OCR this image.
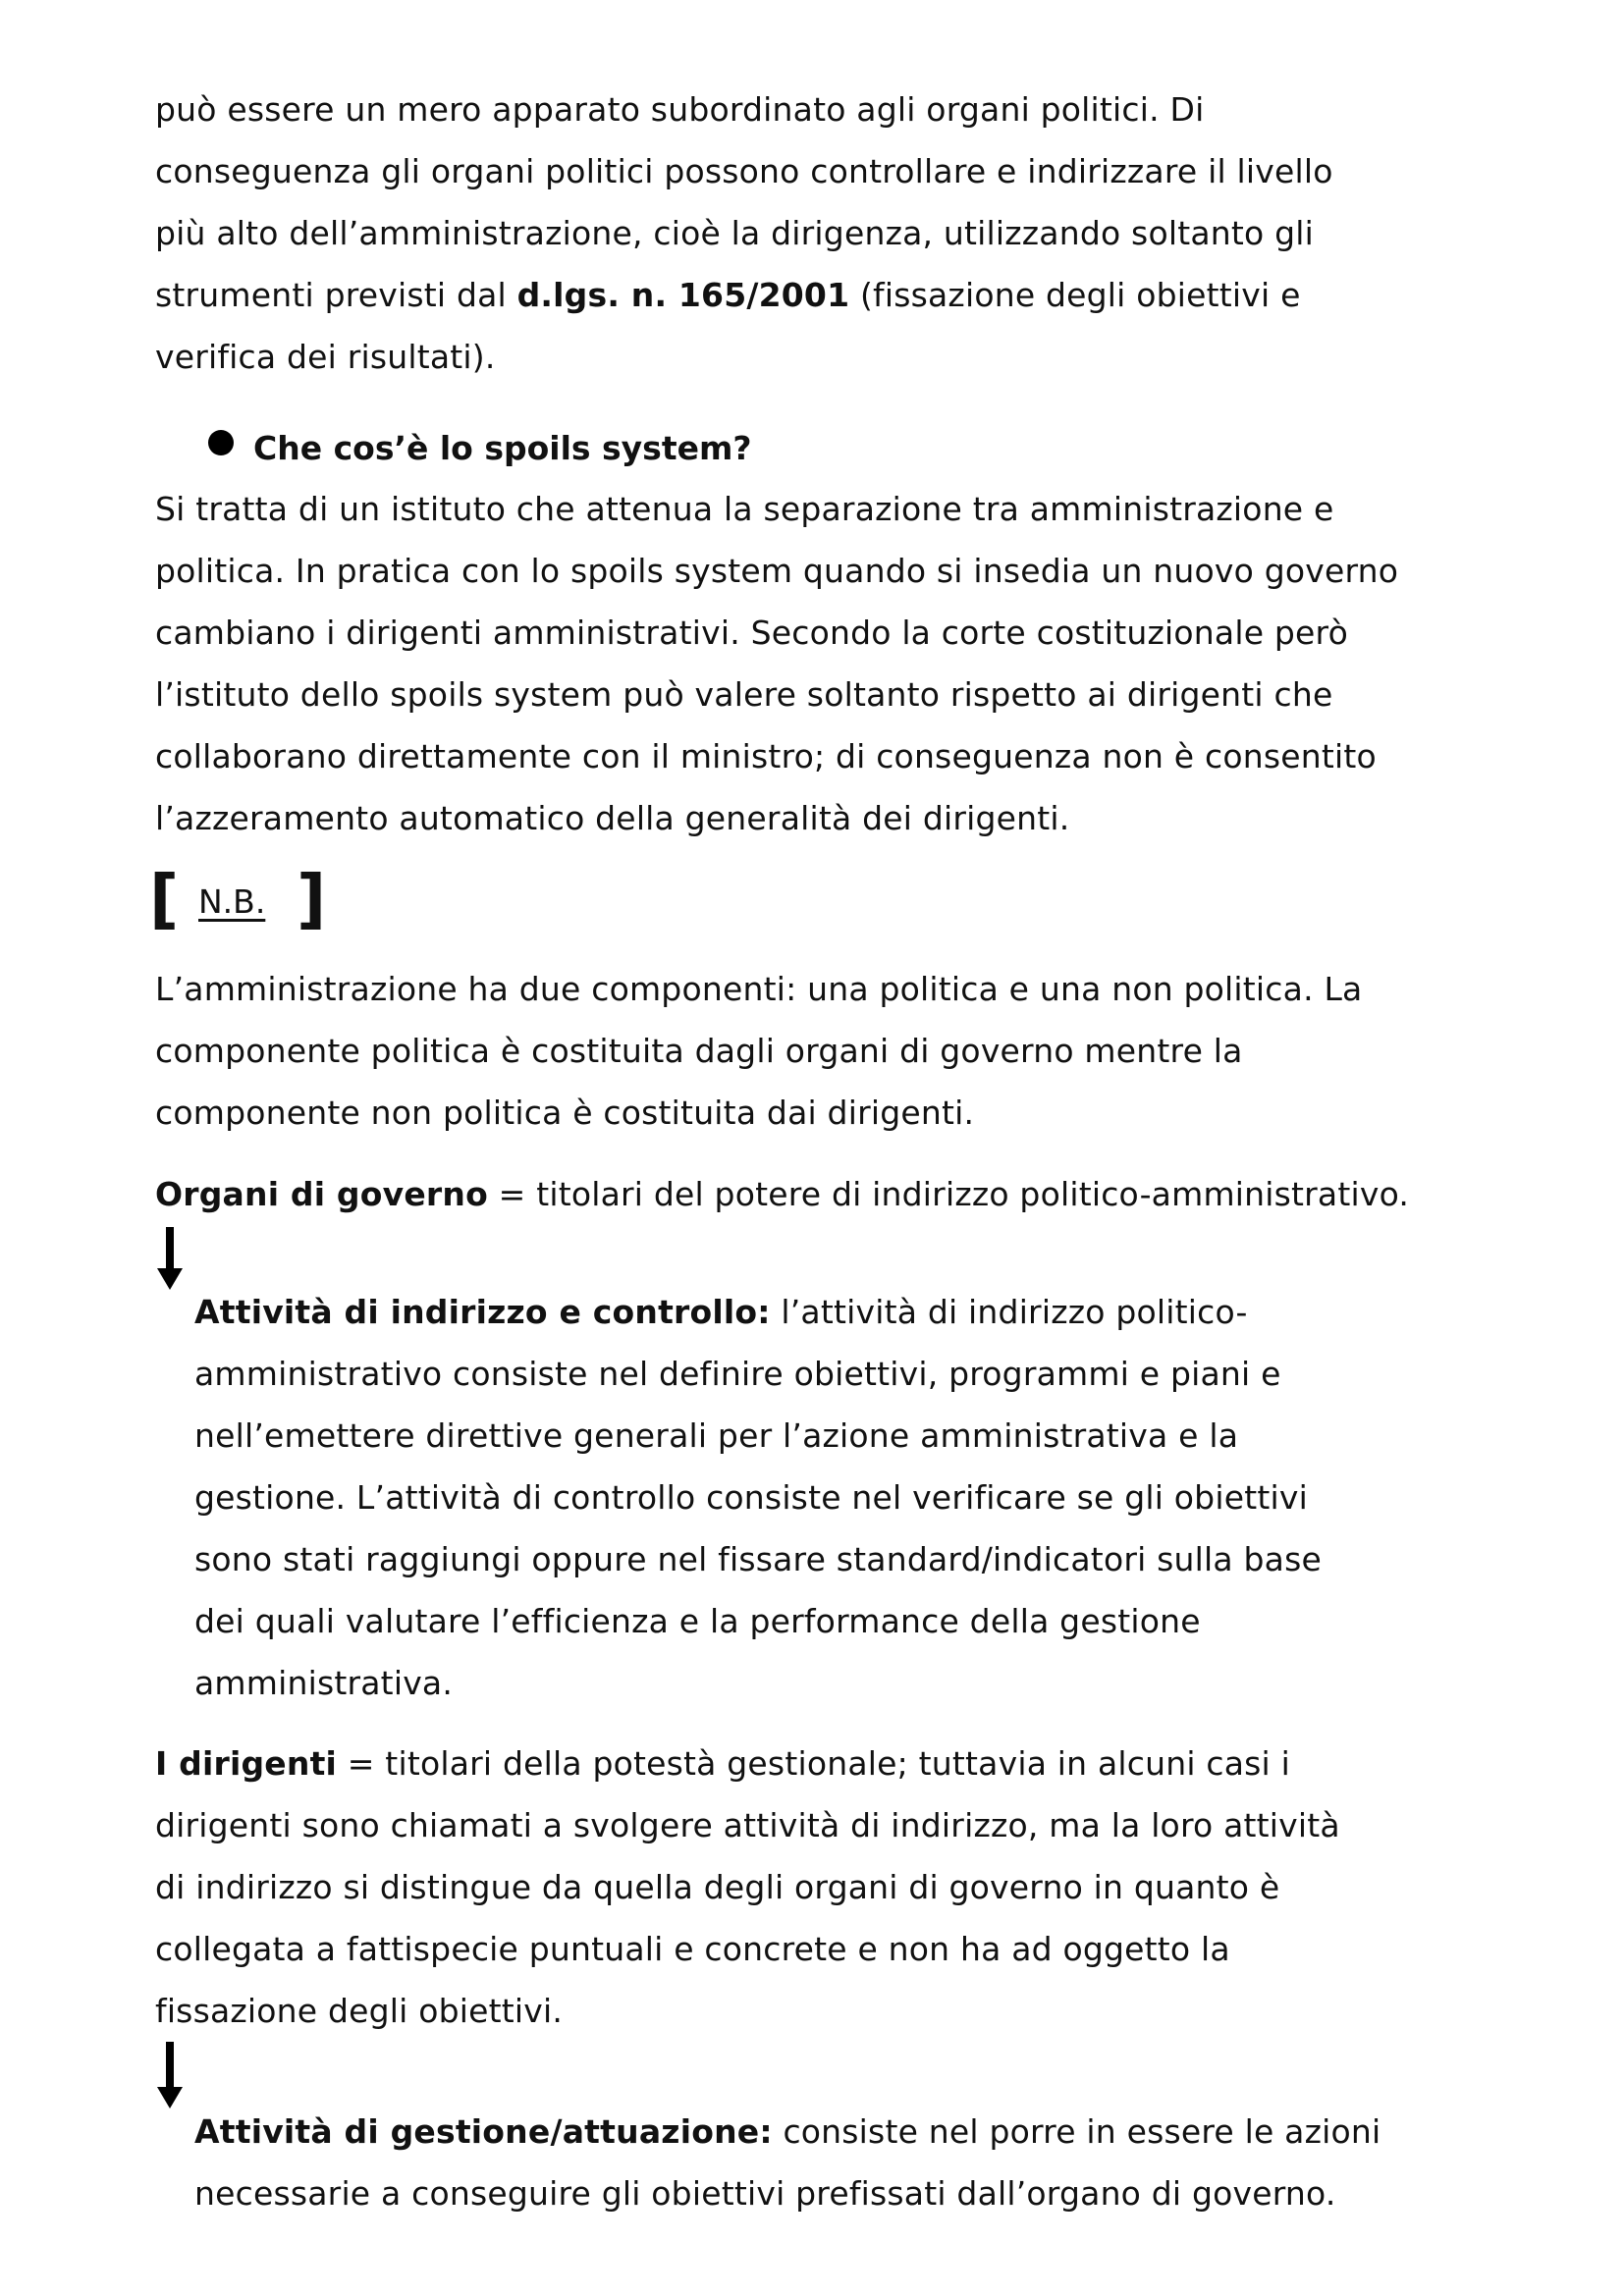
può essere un mero apparato subordinato agli organi politici. Di
conseguenza gli organi politici possono controllare e indirizzare il livello
più alto dell’amministrazione, cioè la dirigenza, utilizzando soltanto gli
strumenti previsti dal d.lgs. n. 165/2001 (fissazione degli obiettivi e
verifica dei risultati).
Che cos’è lo spoils system?
Si tratta di un istituto che attenua la separazione tra amministrazione e
politica. In pratica con lo spoils system quando si insedia un nuovo governo
cambiano i dirigenti amministrativi. Secondo la corte costituzionale però
l’istituto dello spoils system può valere soltanto rispetto ai dirigenti che
collaborano direttamente con il ministro; di conseguenza non è consentito
l’azzeramento automatico della generalità dei dirigenti.
[ N.B. ]
L’amministrazione ha due componenti: una politica e una non politica. La
componente politica è costituita dagli organi di governo mentre la
componente non politica è costituita dai dirigenti.
Organi di governo = titolari del potere di indirizzo politico-amministrativo.
Attività di indirizzo e controllo: l’attività di indirizzo politico-
amministrativo consiste nel definire obiettivi, programmi e piani e
nell’emettere direttive generali per l’azione amministrativa e la
gestione. L’attività di controllo consiste nel verificare se gli obiettivi
sono stati raggiungi oppure nel fissare standard/indicatori sulla base
dei quali valutare l’efficienza e la performance della gestione
amministrativa.
I dirigenti = titolari della potestà gestionale; tuttavia in alcuni casi i
dirigenti sono chiamati a svolgere attività di indirizzo, ma la loro attività
di indirizzo si distingue da quella degli organi di governo in quanto è
collegata a fattispecie puntuali e concrete e non ha ad oggetto la
fissazione degli obiettivi.
Attività di gestione/attuazione: consiste nel porre in essere le azioni
necessarie a conseguire gli obiettivi prefissati dall’organo di governo.
